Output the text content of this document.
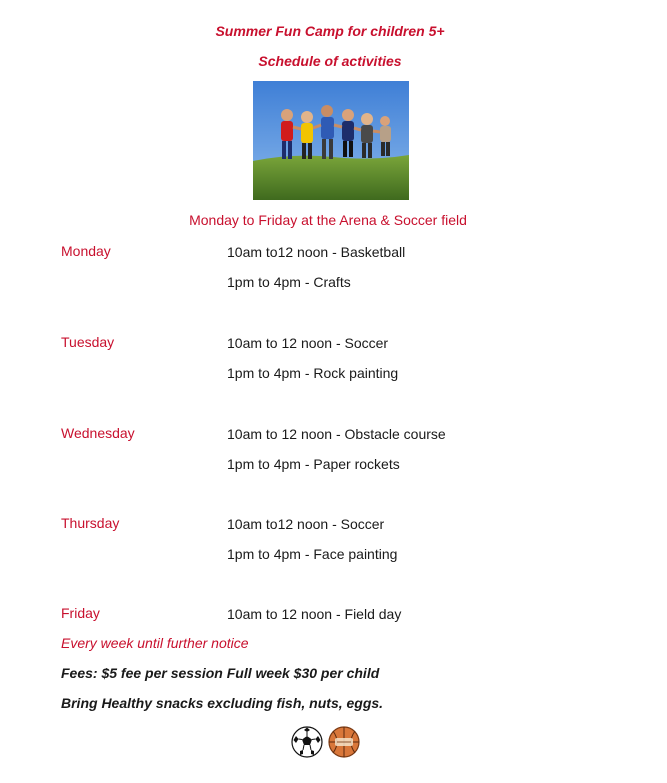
Summer Fun Camp for children 5+
Schedule of activities
Monday to Friday at the Arena & Soccer field
Monday	10am to12 noon - Basketball
1pm to 4pm - Crafts
Tuesday	10am to 12 noon - Soccer
1pm to 4pm - Rock painting
Wednesday	10am to 12 noon - Obstacle course
1pm to 4pm - Paper rockets
Thursday	10am to12 noon - Soccer
1pm to 4pm - Face painting
Friday	10am to 12 noon - Field day
Every week until further notice
Fees: $5 fee per session Full week $30 per child
Bring Healthy snacks excluding fish, nuts, eggs.
